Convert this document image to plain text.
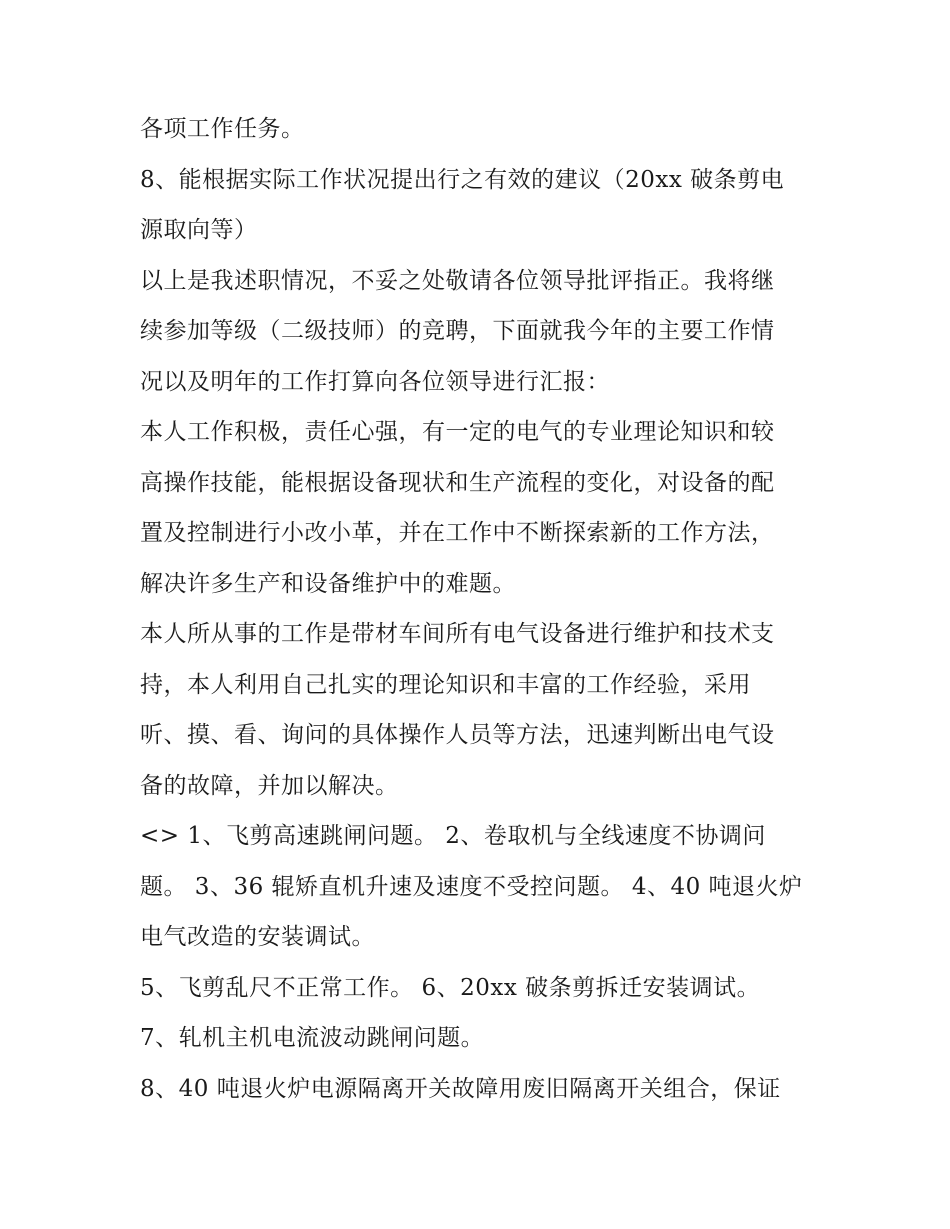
各项工作任务。
8、能根据实际工作状况提出行之有效的建议（20xx 破条剪电
源取向等）
以上是我述职情况，不妥之处敬请各位领导批评指正。我将继
续参加等级（二级技师）的竞聘，下面就我今年的主要工作情
况以及明年的工作打算向各位领导进行汇报：
本人工作积极，责任心强，有一定的电气的专业理论知识和较
高操作技能，能根据设备现状和生产流程的变化，对设备的配
置及控制进行小改小革，并在工作中不断探索新的工作方法，
解决许多生产和设备维护中的难题。
本人所从事的工作是带材车间所有电气设备进行维护和技术支
持，本人利用自己扎实的理论知识和丰富的工作经验，采用
听、摸、看、询问的具体操作人员等方法，迅速判断出电气设
备的故障，并加以解决。
<> 1、飞剪高速跳闸问题。 2、卷取机与全线速度不协调问
题。 3、36 辊矫直机升速及速度不受控问题。 4、40 吨退火炉
电气改造的安装调试。
5、飞剪乱尺不正常工作。 6、20xx 破条剪拆迁安装调试。
7、轧机主机电流波动跳闸问题。
8、40 吨退火炉电源隔离开关故障用废旧隔离开关组合，保证
